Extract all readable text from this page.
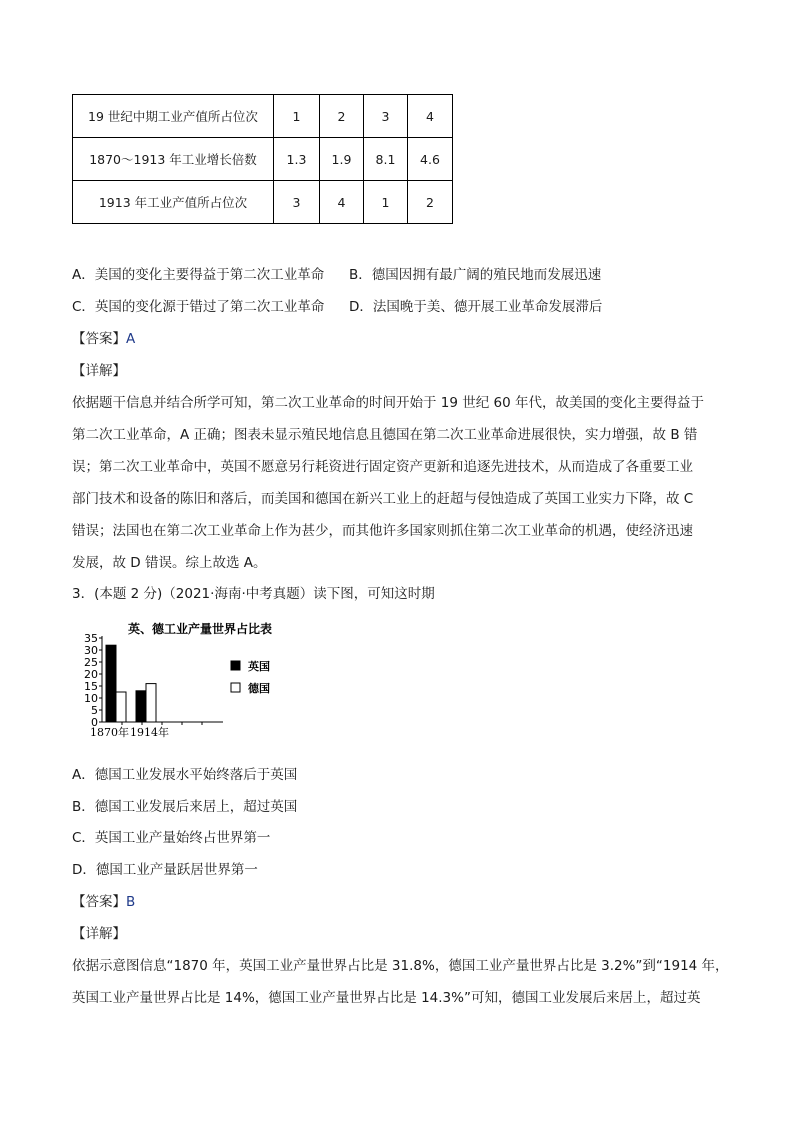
19 世纪中期工业产值所占位次	1	2	3	4
1870～1913 年工业增长倍数	1.3	1.9	8.1	4.6
1913 年工业产值所占位次	3	4	1	2
A．美国的变化主要得益于第二次工业革命 B．德国因拥有最广阔的殖民地而发展迅速
C．英国的变化源于错过了第二次工业革命 D．法国晚于美、德开展工业革命发展滞后
【答案】A
【详解】
依据题干信息并结合所学可知，第二次工业革命的时间开始于 19 世纪 60 年代，故美国的变化主要得益于
第二次工业革命，A 正确；图表未显示殖民地信息且德国在第二次工业革命进展很快，实力增强，故 B 错
误；第二次工业革命中，英国不愿意另行耗资进行固定资产更新和追逐先进技术，从而造成了各重要工业
部门技术和设备的陈旧和落后，而美国和德国在新兴工业上的赶超与侵蚀造成了英国工业实力下降，故 C
错误；法国也在第二次工业革命上作为甚少，而其他许多国家则抓住第二次工业革命的机遇，使经济迅速
发展，故 D 错误。综上故选 A。
3．(本题 2 分)（2021·海南·中考真题）读下图，可知这时期
英、德工业产量世界占比表
0
5
10
15
20
25
30
35
1870年 1914年
英国
德国
A．德国工业发展水平始终落后于英国
B．德国工业发展后来居上，超过英国
C．英国工业产量始终占世界第一
D．德国工业产量跃居世界第一
【答案】B
【详解】
依据示意图信息“1870 年，英国工业产量世界占比是 31.8%，德国工业产量世界占比是 3.2%”到“1914 年，
英国工业产量世界占比是 14%，德国工业产量世界占比是 14.3%”可知，德国工业发展后来居上，超过英
